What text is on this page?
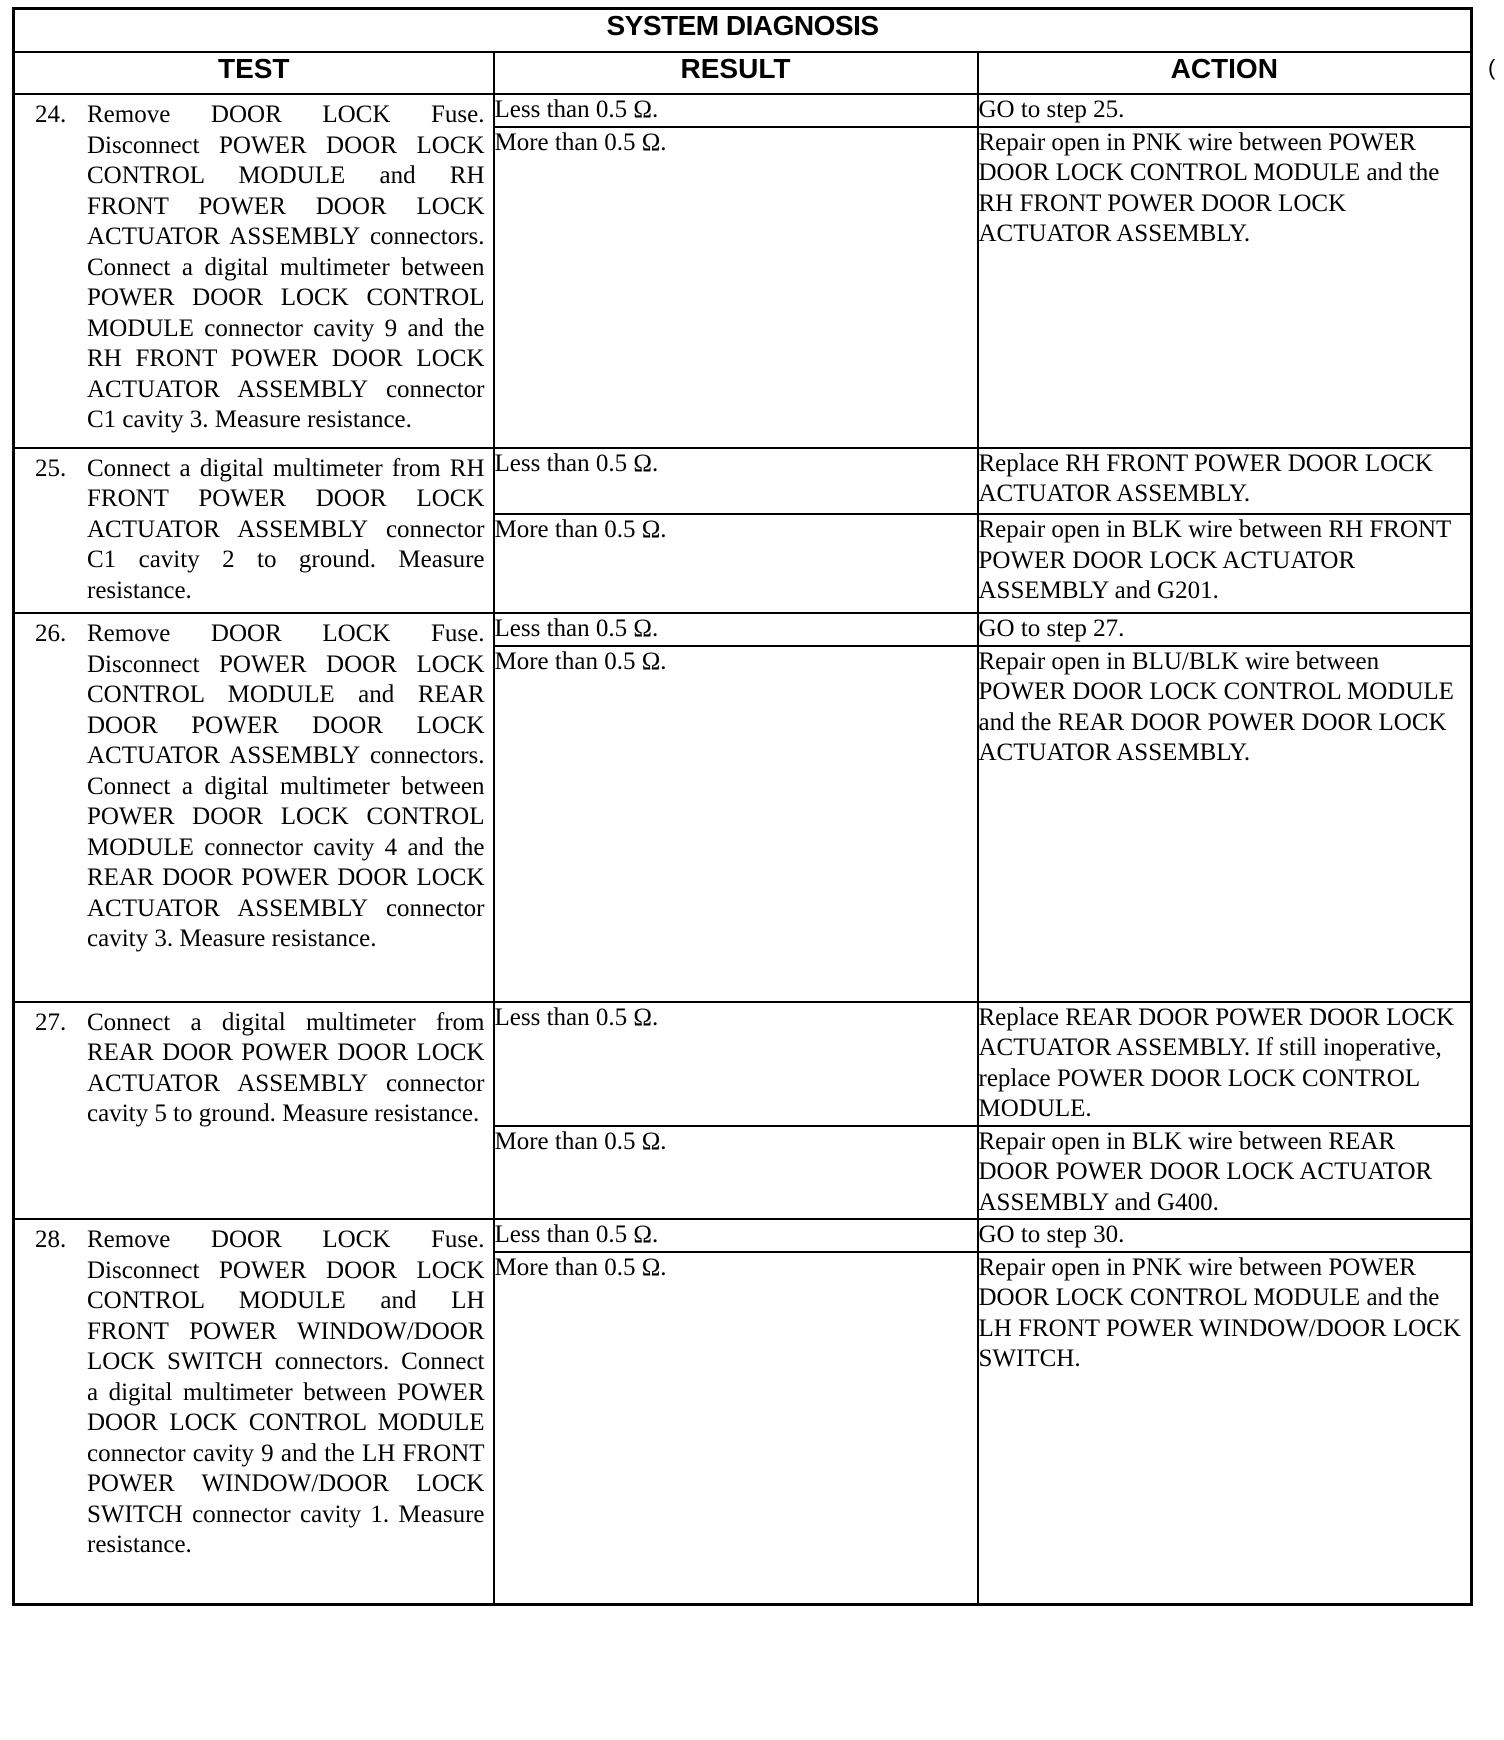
SYSTEM DIAGNOSIS		
TEST	RESULT	ACTION

24. Remove DOOR LOCK Fuse. Disconnect POWER DOOR LOCK CONTROL MODULE and RH FRONT POWER DOOR LOCK ACTUATOR ASSEMBLY connectors. Connect a digital multimeter between POWER DOOR LOCK CONTROL MODULE connector cavity 9 and the RH FRONT POWER DOOR LOCK ACTUATOR ASSEMBLY connector C1 cavity 3. Measure resistance.	Less than 0.5 Ω.	GO to step 25.
	More than 0.5 Ω.	Repair open in PNK wire between POWER DOOR LOCK CONTROL MODULE and the RH FRONT POWER DOOR LOCK ACTUATOR ASSEMBLY.

25. Connect a digital multimeter from RH FRONT POWER DOOR LOCK ACTUATOR ASSEMBLY connector C1 cavity 2 to ground. Measure resistance.	Less than 0.5 Ω.	Replace RH FRONT POWER DOOR LOCK ACTUATOR ASSEMBLY.
	More than 0.5 Ω.	Repair open in BLK wire between RH FRONT POWER DOOR LOCK ACTUATOR ASSEMBLY and G201.

26. Remove DOOR LOCK Fuse. Disconnect POWER DOOR LOCK CONTROL MODULE and REAR DOOR POWER DOOR LOCK ACTUATOR ASSEMBLY connectors. Connect a digital multimeter between POWER DOOR LOCK CONTROL MODULE connector cavity 4 and the REAR DOOR POWER DOOR LOCK ACTUATOR ASSEMBLY connector cavity 3. Measure resistance.	Less than 0.5 Ω.	GO to step 27.
	More than 0.5 Ω.	Repair open in BLU/BLK wire between POWER DOOR LOCK CONTROL MODULE and the REAR DOOR POWER DOOR LOCK ACTUATOR ASSEMBLY.

27. Connect a digital multimeter from REAR DOOR POWER DOOR LOCK ACTUATOR ASSEMBLY connector cavity 5 to ground. Measure resistance.	Less than 0.5 Ω.	Replace REAR DOOR POWER DOOR LOCK ACTUATOR ASSEMBLY. If still inoperative, replace POWER DOOR LOCK CONTROL MODULE.
	More than 0.5 Ω.	Repair open in BLK wire between REAR DOOR POWER DOOR LOCK ACTUATOR ASSEMBLY and G400.

28. Remove DOOR LOCK Fuse. Disconnect POWER DOOR LOCK CONTROL MODULE and LH FRONT POWER WINDOW/DOOR LOCK SWITCH connectors. Connect a digital multimeter between POWER DOOR LOCK CONTROL MODULE connector cavity 9 and the LH FRONT POWER WINDOW/DOOR LOCK SWITCH connector cavity 1. Measure resistance.	Less than 0.5 Ω.	GO to step 30.
	More than 0.5 Ω.	Repair open in PNK wire between POWER DOOR LOCK CONTROL MODULE and the LH FRONT POWER WINDOW/DOOR LOCK SWITCH.
(
